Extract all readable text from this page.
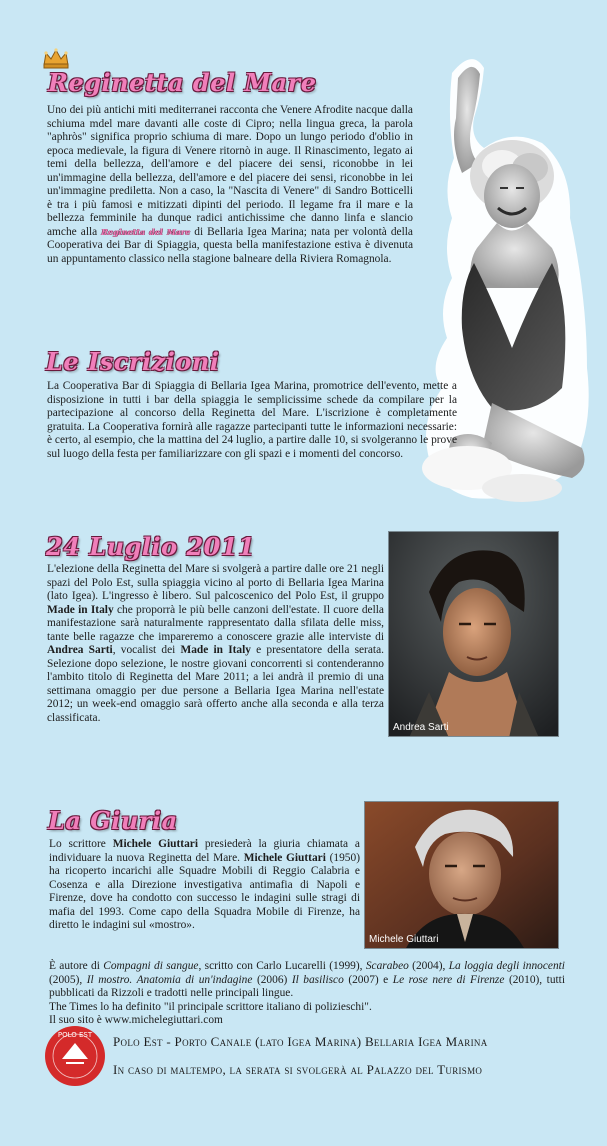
Reginetta del Mare
Uno dei più antichi miti mediterranei racconta che Venere Afrodite nacque dalla schiuma mdel mare davanti alle coste di Cipro; nella lingua greca, la parola "aphròs" significa proprio schiuma di mare. Dopo un lungo periodo d'oblio in epoca medievale, la figura di Venere ritornò in auge. Il Rinascimento, legato ai temi della bellezza, dell'amore e del piacere dei sensi, riconobbe in lei un'immagine della bellezza, dell'amore e del piacere dei sensi, riconobbe in lei un'immagine prediletta. Non a caso, la "Nascita di Venere" di Sandro Botticelli è tra i più famosi e mitizzati dipinti del periodo. Il legame fra il mare e la bellezza femminile ha dunque radici antichissime che danno linfa e slancio amche alla Reginetta del Mare di Bellaria Igea Marina; nata per volontà della Cooperativa dei Bar di Spiaggia, questa bella manifestazione estiva è divenuta un appuntamento classico nella stagione balneare della Riviera Romagnola.
Le Iscrizioni
La Cooperativa Bar di Spiaggia di Bellaria Igea Marina, promotrice dell'evento, mette a disposizione in tutti i bar della spiaggia le semplicissime schede da compilare per la partecipazione al concorso della Reginetta del Mare. L'iscrizione è completamente gratuita. La Cooperativa fornirà alle ragazze partecipanti tutte le informazioni necessarie: è certo, al esempio, che la mattina del 24 luglio, a partire dalle 10, si svolgeranno le prove sul luogo della festa per familiarizzare con gli spazi e i momenti del concorso.
24 Luglio 2011
L'elezione della Reginetta del Mare si svolgerà a partire dalle ore 21 negli spazi del Polo Est, sulla spiaggia vicino al porto di Bellaria Igea Marina (lato Igea). L'ingresso è libero. Sul palcoscenico del Polo Est, il gruppo Made in Italy che proporrà le più belle canzoni dell'estate. Il cuore della manifestazione sarà naturalmente rappresentato dalla sfilata delle miss, tante belle ragazze che impareremo a conoscere grazie alle interviste di Andrea Sarti, vocalist dei Made in Italy e presentatore della serata. Selezione dopo selezione, le nostre giovani concorrenti si contenderanno l'ambito titolo di Reginetta del Mare 2011; a lei andrà il premio di una settimana omaggio per due persone a Bellaria Igea Marina nell'estate 2012; un week-end omaggio sarà offerto anche alla seconda e alla terza classificata.
Andrea Sarti
La Giuria
Lo scrittore Michele Giuttari presiederà la giuria chiamata a individuare la nuova Reginetta del Mare. Michele Giuttari (1950) ha ricoperto incarichi alle Squadre Mobili di Reggio Calabria e Cosenza e alla Direzione investigativa antimafia di Napoli e Firenze, dove ha condotto con successo le indagini sulle stragi di mafia del 1993. Come capo della Squadra Mobile di Firenze, ha diretto le indagini sul «mostro».

È autore di Compagni di sangue, scritto con Carlo Lucarelli (1999), Scarabeo (2004), La loggia degli innocenti (2005), Il mostro. Anatomia di un'indagine (2006) Il basilisco (2007) e Le rose nere di Firenze (2010), tutti pubblicati da Rizzoli e tradotti nelle principali lingue.

The Times lo ha definito "il principale scrittore italiano di polizieschi".

Il suo sito è www.michelegiuttari.com

Michele Giuttari
POLO EST Polo Est - Porto Canale (lato Igea Marina) Bellaria Igea Marina
In caso di maltempo, la serata si svolgerà al Palazzo del Turismo
